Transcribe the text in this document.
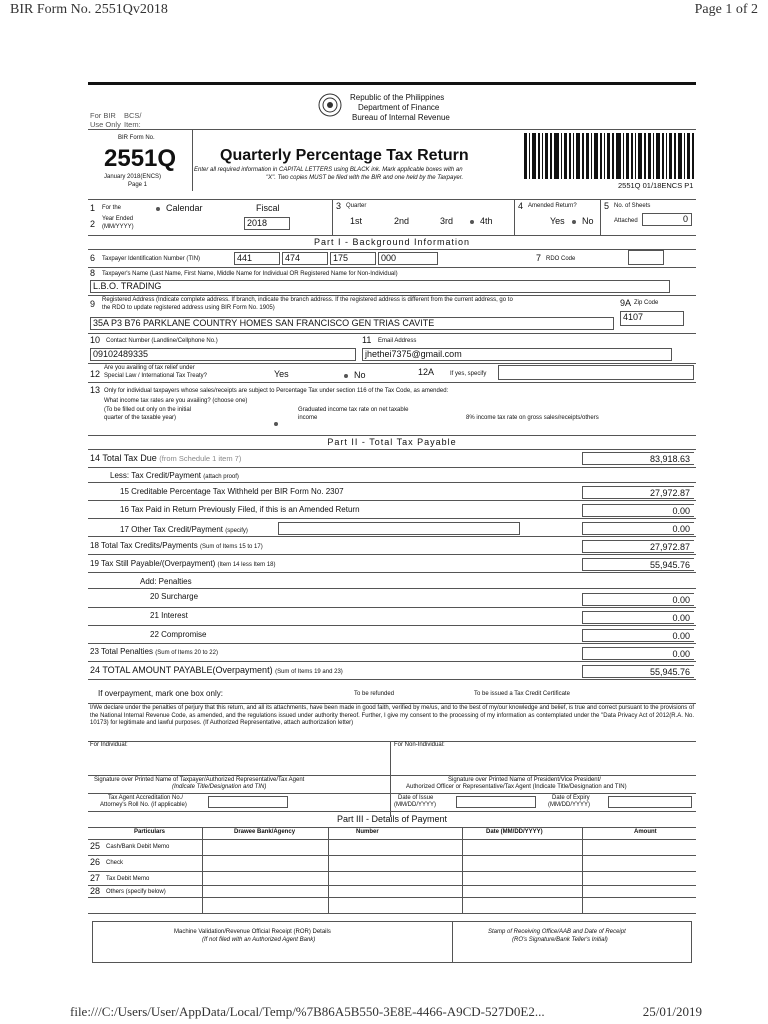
BIR Form No. 2551Qv2018	Page 1 of 2
For BIR BCS/
Use Only Item:
Republic of the Philippines
Department of Finance
Bureau of Internal Revenue
BIR Form No.
2551Q
January 2018(ENCS)
Page 1
Quarterly Percentage Tax Return
Enter all required information in CAPITAL LETTERS using BLACK ink. Mark applicable boxes with an
"X". Two copies MUST be filed with the BIR and one held by the Taxpayer.
2551Q 01/18ENCS P1
1 For the	Calendar	Fiscal
2 Year Ended
(MM/YYYY)	2018
3 Quarter
1st	2nd	3rd	4th
4 Amended Return?
Yes	No
5 No. of Sheets
Attached	0
Part I - Background Information
6 Taxpayer Identification Number (TIN)	441	474	175	000	7 RDO Code
8 Taxpayer's Name (Last Name, First Name, Middle Name for Individual OR Registered Name for Non-Individual)
L.B.O. TRADING
9 Registered Address (Indicate complete address. If branch, indicate the branch address. If the registered address is different from the current address, go to
the RDO to update registered address using BIR Form No. 1905)
35A P3 B76 PARKLANE COUNTRY HOMES SAN FRANCISCO GEN TRIAS CAVITE
9A Zip Code
4107
10 Contact Number (Landline/Cellphone No.)
09102489335
11 Email Address
jhethei7375@gmail.com
12
Are you availing of tax relief under
Special Law / International Tax Treaty?	Yes	No	12A	If yes, specify
13 Only for individual taxpayers whose sales/receipts are subject to Percentage Tax under section 116 of the Tax Code, as amended:
What income tax rates are you availing? (choose one)
(To be filled out only on the initial
quarter of the taxable year)
Graduated income tax rate on net taxable
income	8% income tax rate on gross sales/receipts/others
Part II - Total Tax Payable
14 Total Tax Due (from Schedule 1 item 7)	83,918.63
Less: Tax Credit/Payment (attach proof)
15 Creditable Percentage Tax Withheld per BIR Form No. 2307	27,972.87
16 Tax Paid in Return Previously Filed, if this is an Amended Return	0.00
17 Other Tax Credit/Payment (specify)	0.00
18 Total Tax Credits/Payments (Sum of Items 15 to 17)	27,972.87
19 Tax Still Payable/(Overpayment) (Item 14 less Item 18)	55,945.76
Add: Penalties
20 Surcharge	0.00
21 Interest	0.00
22 Compromise	0.00
23 Total Penalties (Sum of Items 20 to 22)	0.00
24 TOTAL AMOUNT PAYABLE(Overpayment) (Sum of Items 19 and 23)	55,945.76
If overpayment, mark one box only:	To be refunded	To be issued a Tax Credit Certificate
I/We declare under the penalties of perjury that this return, and all its attachments, have been made in good faith, verified by me/us, and to the best of my/our knowledge and belief, is true and correct pursuant to the provisions of the National Internal Revenue Code, as amended, and the regulations issued under authority thereof. Further, I give my consent to the processing of my information as contemplated under the "Data Privacy Act of 2012(R.A. No. 10173) for legitimate and lawful purposes. (If Authorized Representative, attach authorization letter)
For Individual:	For Non-Individual:
Signature over Printed Name of Taxpayer/Authorized Representative/Tax Agent
(Indicate Title/Designation and TIN)
Signature over Printed Name of President/Vice President/
Authorized Officer or Representative/Tax Agent (Indicate Title/Designation and TIN)
Tax Agent Accreditation No./
Attorney's Roll No. (if applicable)
Date of Issue
(MM/DD/YYYY)
Date of Expiry
(MM/DD/YYYY)
Part III - Details of Payment
Particulars	Drawee Bank/Agency	Number	Date (MM/DD/YYYY)	Amount
25 Cash/Bank Debit Memo
26 Check
27 Tax Debit Memo
28 Others (specify below)
Machine Validation/Revenue Official Receipt (ROR) Details
(If not filed with an Authorized Agent Bank)
Stamp of Receiving Office/AAB and Date of Receipt
(RO's Signature/Bank Teller's Initial)
file:///C:/Users/User/AppData/Local/Temp/%7B86A5B550-3E8E-4466-A9CD-527D0E2...	25/01/2019
